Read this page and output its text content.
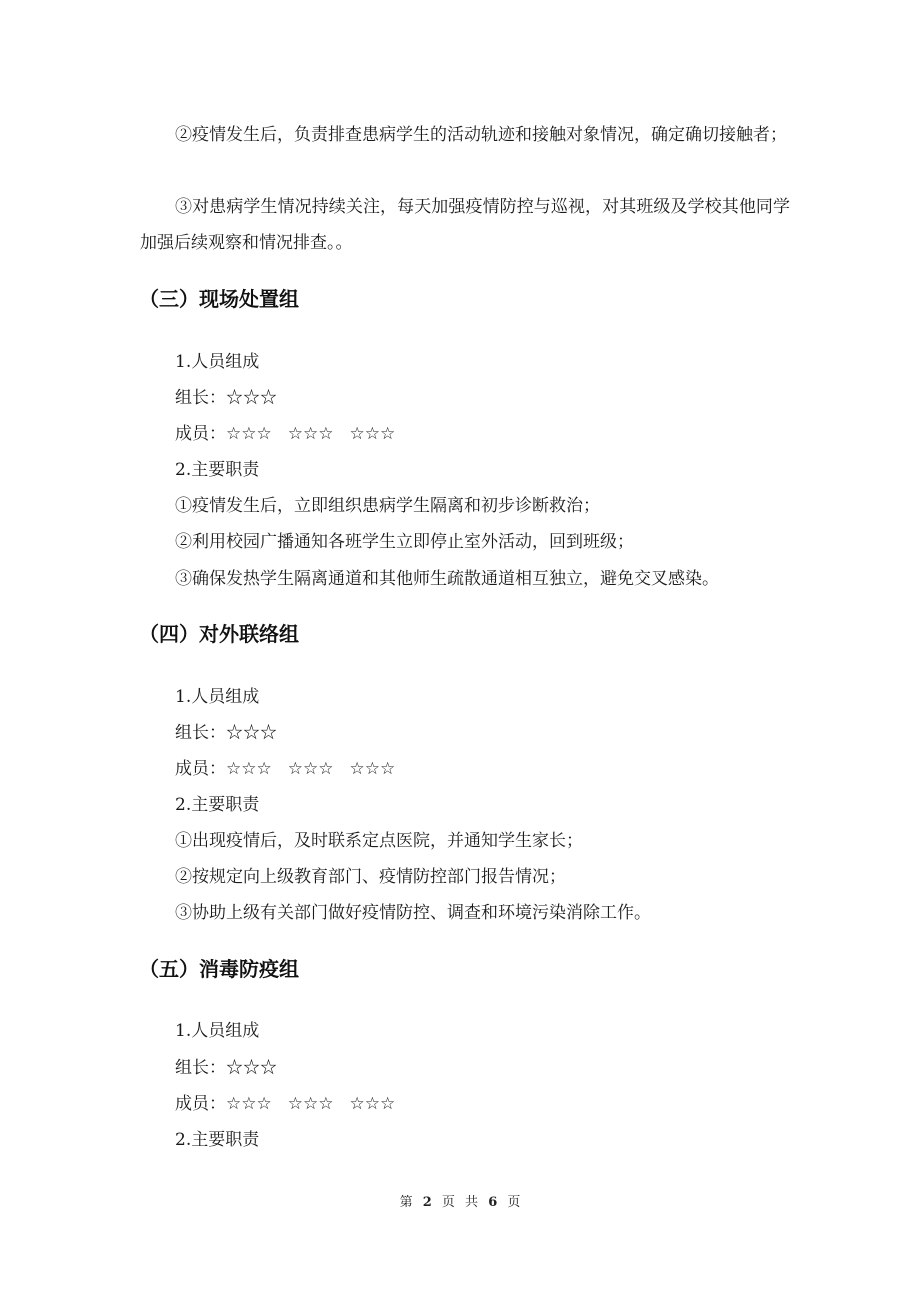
②疫情发生后，负责排查患病学生的活动轨迹和接触对象情况，确定确切接触者；

③对患病学生情况持续关注，每天加强疫情防控与巡视，对其班级及学校其他同学加强后续观察和情况排查。。

（三）现场处置组

1.人员组成

组长：☆☆☆

成员：☆☆☆ ☆☆☆ ☆☆☆

2.主要职责

①疫情发生后，立即组织患病学生隔离和初步诊断救治；

②利用校园广播通知各班学生立即停止室外活动，回到班级；

③确保发热学生隔离通道和其他师生疏散通道相互独立，避免交叉感染。

（四）对外联络组

1.人员组成

组长：☆☆☆

成员：☆☆☆ ☆☆☆ ☆☆☆

2.主要职责

①出现疫情后，及时联系定点医院，并通知学生家长；

②按规定向上级教育部门、疫情防控部门报告情况；

③协助上级有关部门做好疫情防控、调查和环境污染消除工作。

（五）消毒防疫组

1.人员组成

组长：☆☆☆

成员：☆☆☆ ☆☆☆ ☆☆☆

2.主要职责

第 2 页 共 6 页
